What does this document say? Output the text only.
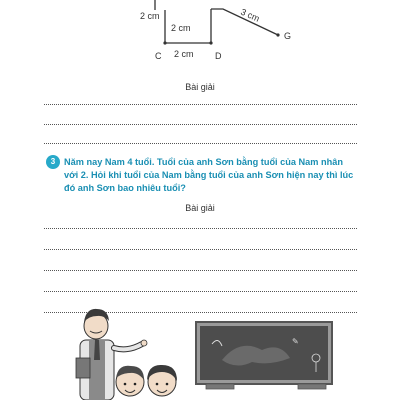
2 cm
2 cm
2 cm
3 cm
C	D
G
Bài giải
3 Năm nay Nam 4 tuổi. Tuổi của anh Sơn bằng tuổi của Nam nhân
với 2. Hỏi khi tuổi của Nam bằng tuổi của anh Sơn hiện nay thì lúc
đó anh Sơn bao nhiêu tuổi?
Bài giải
✎
